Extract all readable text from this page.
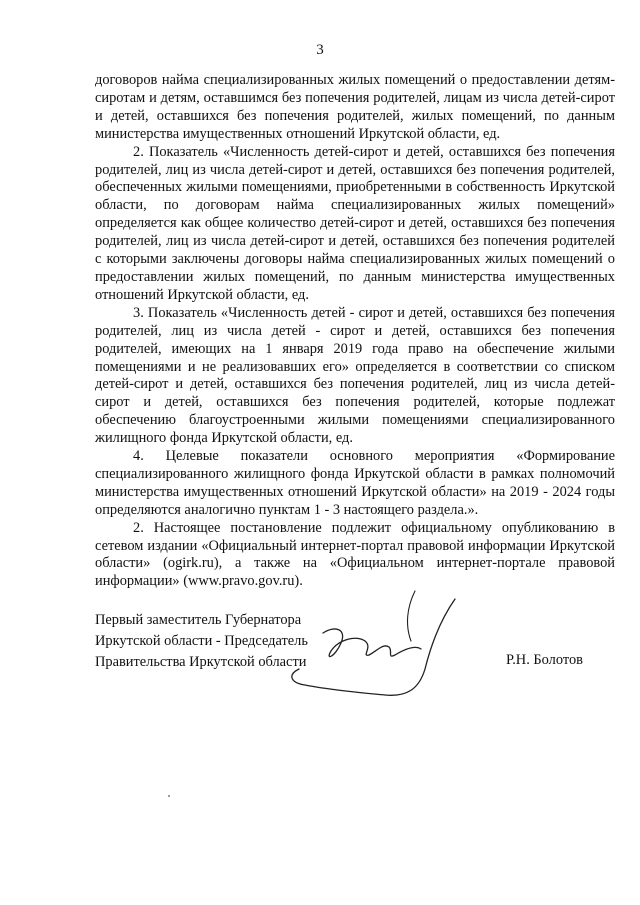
3

договоров найма специализированных жилых помещений о предоставлении детям-сиротам и детям, оставшимся без попечения родителей, лицам из числа детей-сирот и детей, оставшихся без попечения родителей, жилых помещений, по данным министерства имущественных отношений Иркутской области, ед.

2. Показатель «Численность детей-сирот и детей, оставшихся без попечения родителей, лиц из числа детей-сирот и детей, оставшихся без попечения родителей, обеспеченных жилыми помещениями, приобретенными в собственность Иркутской области, по договорам найма специализированных жилых помещений» определяется как общее количество детей-сирот и детей, оставшихся без попечения родителей, лиц из числа детей-сирот и детей, оставшихся без попечения родителей с которыми заключены договоры найма специализированных жилых помещений о предоставлении жилых помещений, по данным министерства имущественных отношений Иркутской области, ед.

3. Показатель «Численность детей - сирот и детей, оставшихся без попечения родителей, лиц из числа детей - сирот и детей, оставшихся без попечения родителей, имеющих на 1 января 2019 года право на обеспечение жилыми помещениями и не реализовавших его» определяется в соответствии со списком детей-сирот и детей, оставшихся без попечения родителей, лиц из числа детей-сирот и детей, оставшихся без попечения родителей, которые подлежат обеспечению благоустроенными жилыми помещениями специализированного жилищного фонда Иркутской области, ед.

4. Целевые показатели основного мероприятия «Формирование специализированного жилищного фонда Иркутской области в рамках полномочий министерства имущественных отношений Иркутской области» на 2019 - 2024 годы определяются аналогично пунктам 1 - 3 настоящего раздела.».

2. Настоящее постановление подлежит официальному опубликованию в сетевом издании «Официальный интернет-портал правовой информации Иркутской области» (ogirk.ru), а также на «Официальном интернет-портале правовой информации» (www.pravo.gov.ru).

Первый заместитель Губернатора
Иркутской области - Председатель
Правительства Иркутской области	Р.Н. Болотов
